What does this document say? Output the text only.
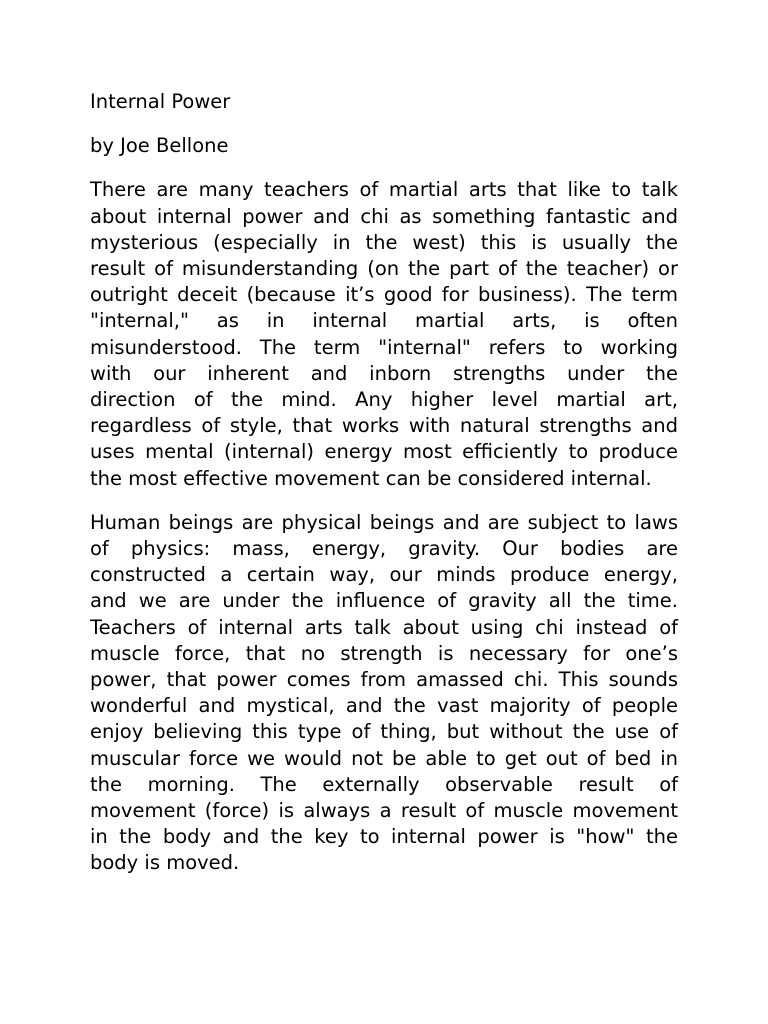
Internal Power
by Joe Bellone
There are many teachers of martial arts that like to talk
about internal power and chi as something fantastic and
mysterious (especially in the west) this is usually the
result of misunderstanding (on the part of the teacher) or
outright deceit (because it’s good for business). The term
"internal," as in internal martial arts, is often
misunderstood. The term "internal" refers to working
with our inherent and inborn strengths under the
direction of the mind. Any higher level martial art,
regardless of style, that works with natural strengths and
uses mental (internal) energy most efficiently to produce
the most effective movement can be considered internal.
Human beings are physical beings and are subject to laws
of physics: mass, energy, gravity. Our bodies are
constructed a certain way, our minds produce energy,
and we are under the influence of gravity all the time.
Teachers of internal arts talk about using chi instead of
muscle force, that no strength is necessary for one’s
power, that power comes from amassed chi. This sounds
wonderful and mystical, and the vast majority of people
enjoy believing this type of thing, but without the use of
muscular force we would not be able to get out of bed in
the morning. The externally observable result of
movement (force) is always a result of muscle movement
in the body and the key to internal power is "how" the
body is moved.
